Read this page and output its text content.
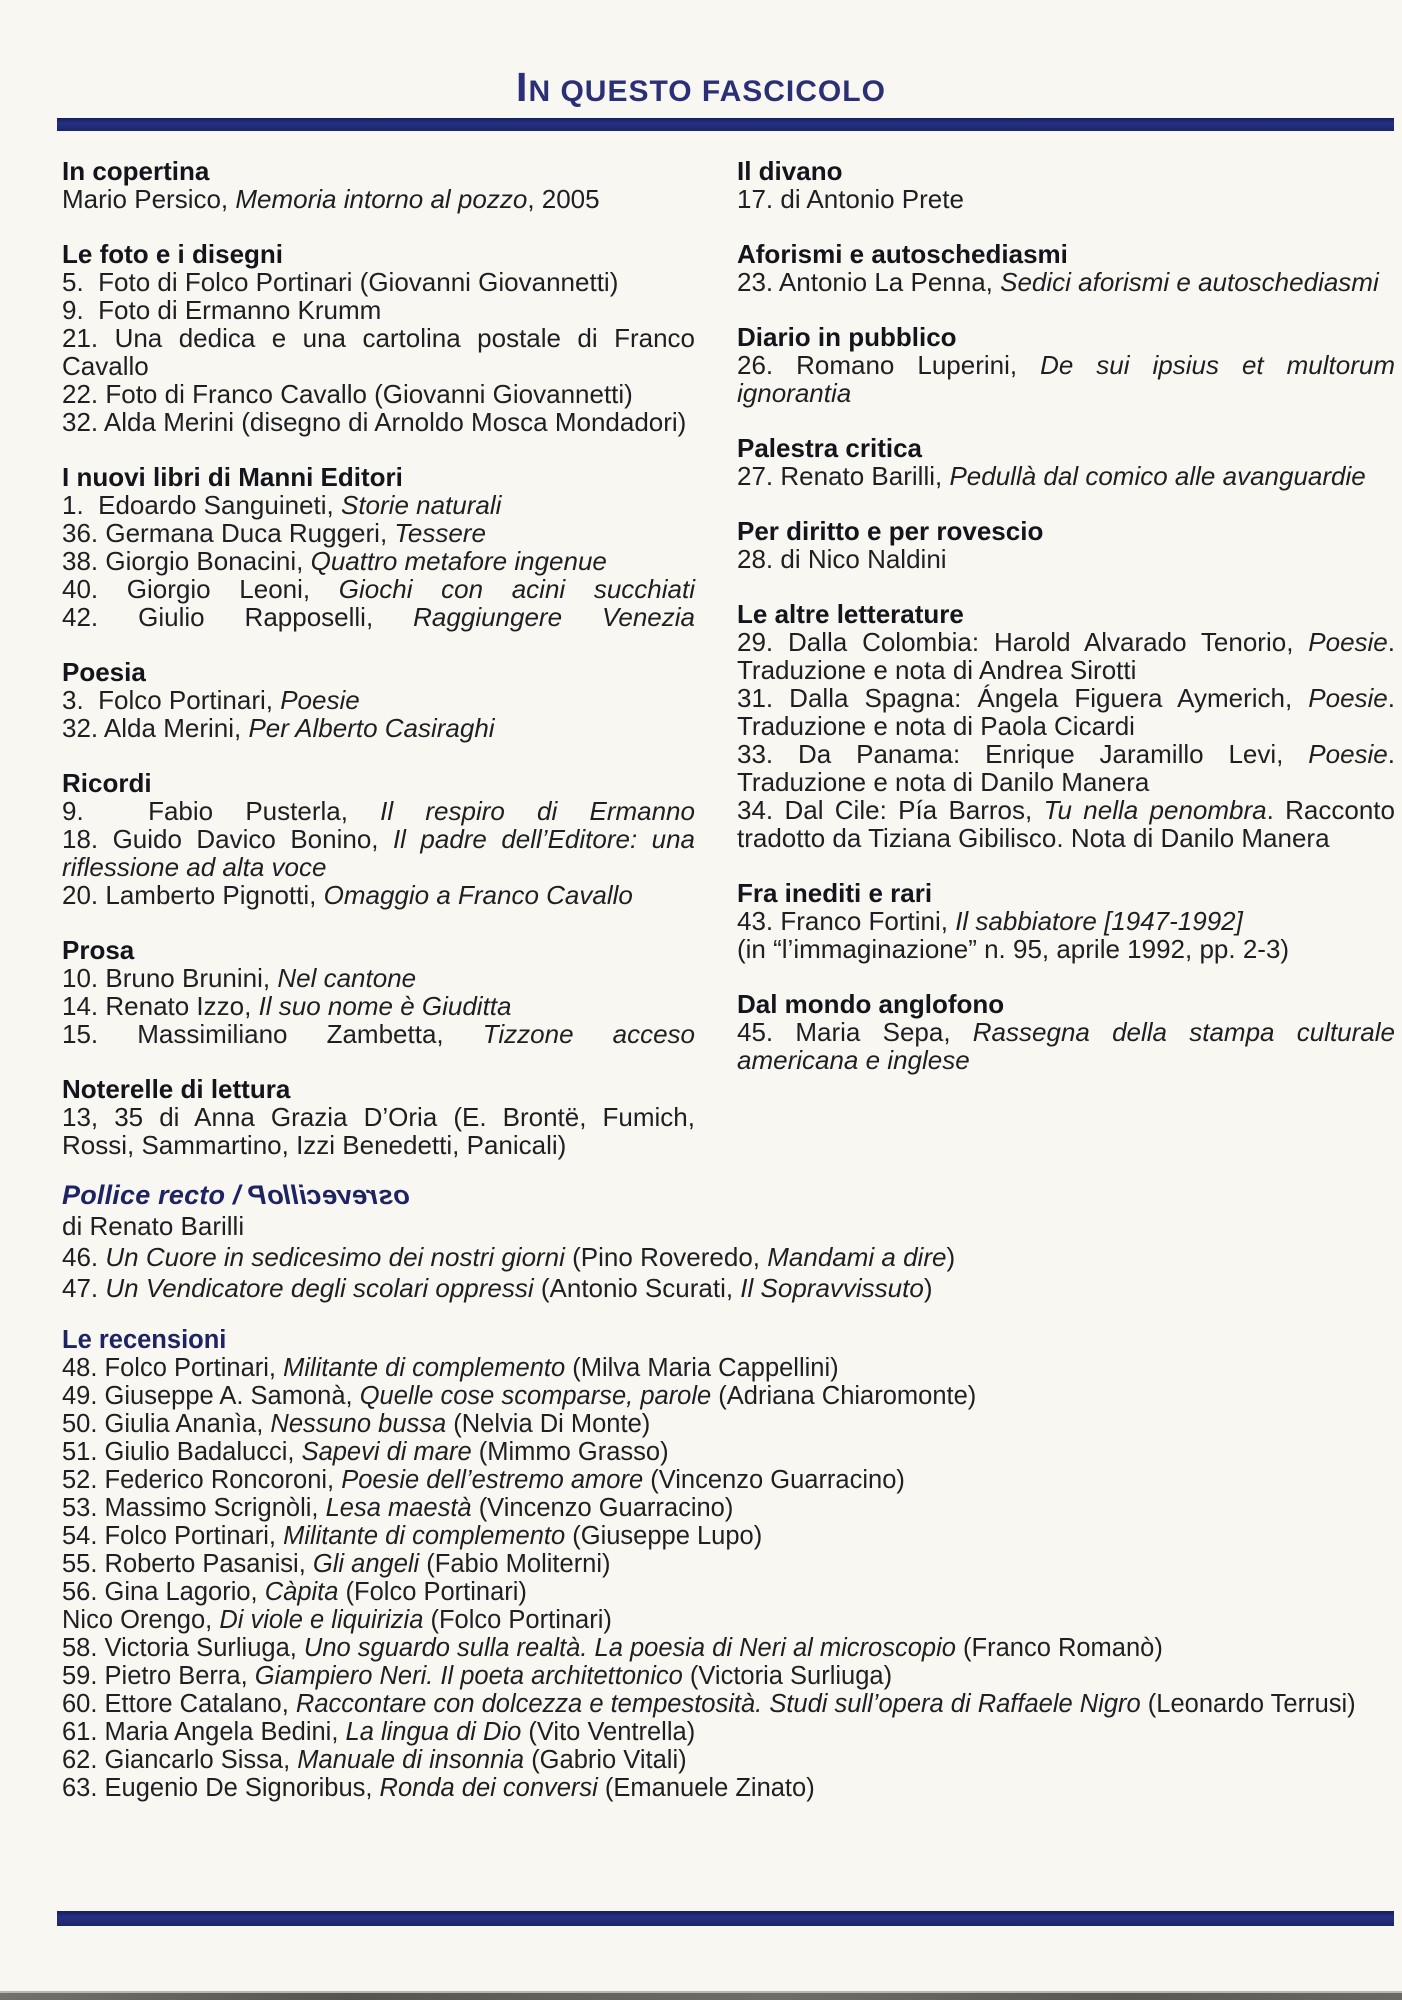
IN QUESTO FASCICOLO
In copertina

Mario Persico, Memoria intorno al pozzo, 2005

Le foto e i disegni

5.  Foto di Folco Portinari (Giovanni Giovannetti)

9.  Foto di Ermanno Krumm

21. Una dedica e una cartolina postale di Franco Cavallo

22. Foto di Franco Cavallo (Giovanni Giovannetti)

32. Alda Merini (disegno di Arnoldo Mosca Mondadori)

I nuovi libri di Manni Editori

1.  Edoardo Sanguineti, Storie naturali

36. Germana Duca Ruggeri, Tessere

38. Giorgio Bonacini, Quattro metafore ingenue

40. Giorgio Leoni, Giochi con acini succhiati

42. Giulio Rapposelli, Raggiungere Venezia

Poesia

3.  Folco Portinari, Poesie

32. Alda Merini, Per Alberto Casiraghi

Ricordi

9.  Fabio Pusterla, Il respiro di Ermanno

18. Guido Davico Bonino, Il padre dell’Editore: una riflessione ad alta voce

20. Lamberto Pignotti, Omaggio a Franco Cavallo

Prosa

10. Bruno Brunini, Nel cantone

14. Renato Izzo, Il suo nome è Giuditta

15. Massimiliano Zambetta, Tizzone acceso

Noterelle di lettura

13, 35 di Anna Grazia D’Oria (E. Brontë, Fumich, Rossi, Sammartino, Izzi Benedetti, Panicali)

Il divano

17. di Antonio Prete

Aforismi e autoschediasmi

23. Antonio La Penna, Sedici aforismi e autoschediasmi

Diario in pubblico

26. Romano Luperini, De sui ipsius et multorum ignorantia

Palestra critica

27. Renato Barilli, Pedullà dal comico alle avanguardie

Per diritto e per rovescio

28. di Nico Naldini

Le altre letterature

29. Dalla Colombia: Harold Alvarado Tenorio, Poesie. Traduzione e nota di Andrea Sirotti

31. Dalla Spagna: Ángela Figuera Aymerich, Poesie. Traduzione e nota di Paola Cicardi

33. Da Panama: Enrique Jaramillo Levi, Poesie. Traduzione e nota di Danilo Manera

34. Dal Cile: Pía Barros, Tu nella penombra. Racconto tradotto da Tiziana Gibilisco. Nota di Danilo Manera

Fra inediti e rari

43. Franco Fortini, Il sabbiatore [1947-1992]

(in “l’immaginazione” n. 95, aprile 1992, pp. 2-3)

Dal mondo anglofono

45. Maria Sepa, Rassegna della stampa culturale americana e inglese

Pollice recto / Polliceverso

di Renato Barilli

46. Un Cuore in sedicesimo dei nostri giorni (Pino Roveredo, Mandami a dire)

47. Un Vendicatore degli scolari oppressi (Antonio Scurati, Il Sopravvissuto)

Le recensioni

48. Folco Portinari, Militante di complemento (Milva Maria Cappellini)

49. Giuseppe A. Samonà, Quelle cose scomparse, parole (Adriana Chiaromonte)

50. Giulia Ananìa, Nessuno bussa (Nelvia Di Monte)

51. Giulio Badalucci, Sapevi di mare (Mimmo Grasso)

52. Federico Roncoroni, Poesie dell’estremo amore (Vincenzo Guarracino)

53. Massimo Scrignòli, Lesa maestà (Vincenzo Guarracino)

54. Folco Portinari, Militante di complemento (Giuseppe Lupo)

55. Roberto Pasanisi, Gli angeli (Fabio Moliterni)

56. Gina Lagorio, Càpita (Folco Portinari)

Nico Orengo, Di viole e liquirizia (Folco Portinari)

58. Victoria Surliuga, Uno sguardo sulla realtà. La poesia di Neri al microscopio (Franco Romanò)

59. Pietro Berra, Giampiero Neri. Il poeta architettonico (Victoria Surliuga)

60. Ettore Catalano, Raccontare con dolcezza e tempestosità. Studi sull’opera di Raffaele Nigro (Leonardo Terrusi)

61. Maria Angela Bedini, La lingua di Dio (Vito Ventrella)

62. Giancarlo Sissa, Manuale di insonnia (Gabrio Vitali)

63. Eugenio De Signoribus, Ronda dei conversi (Emanuele Zinato)
